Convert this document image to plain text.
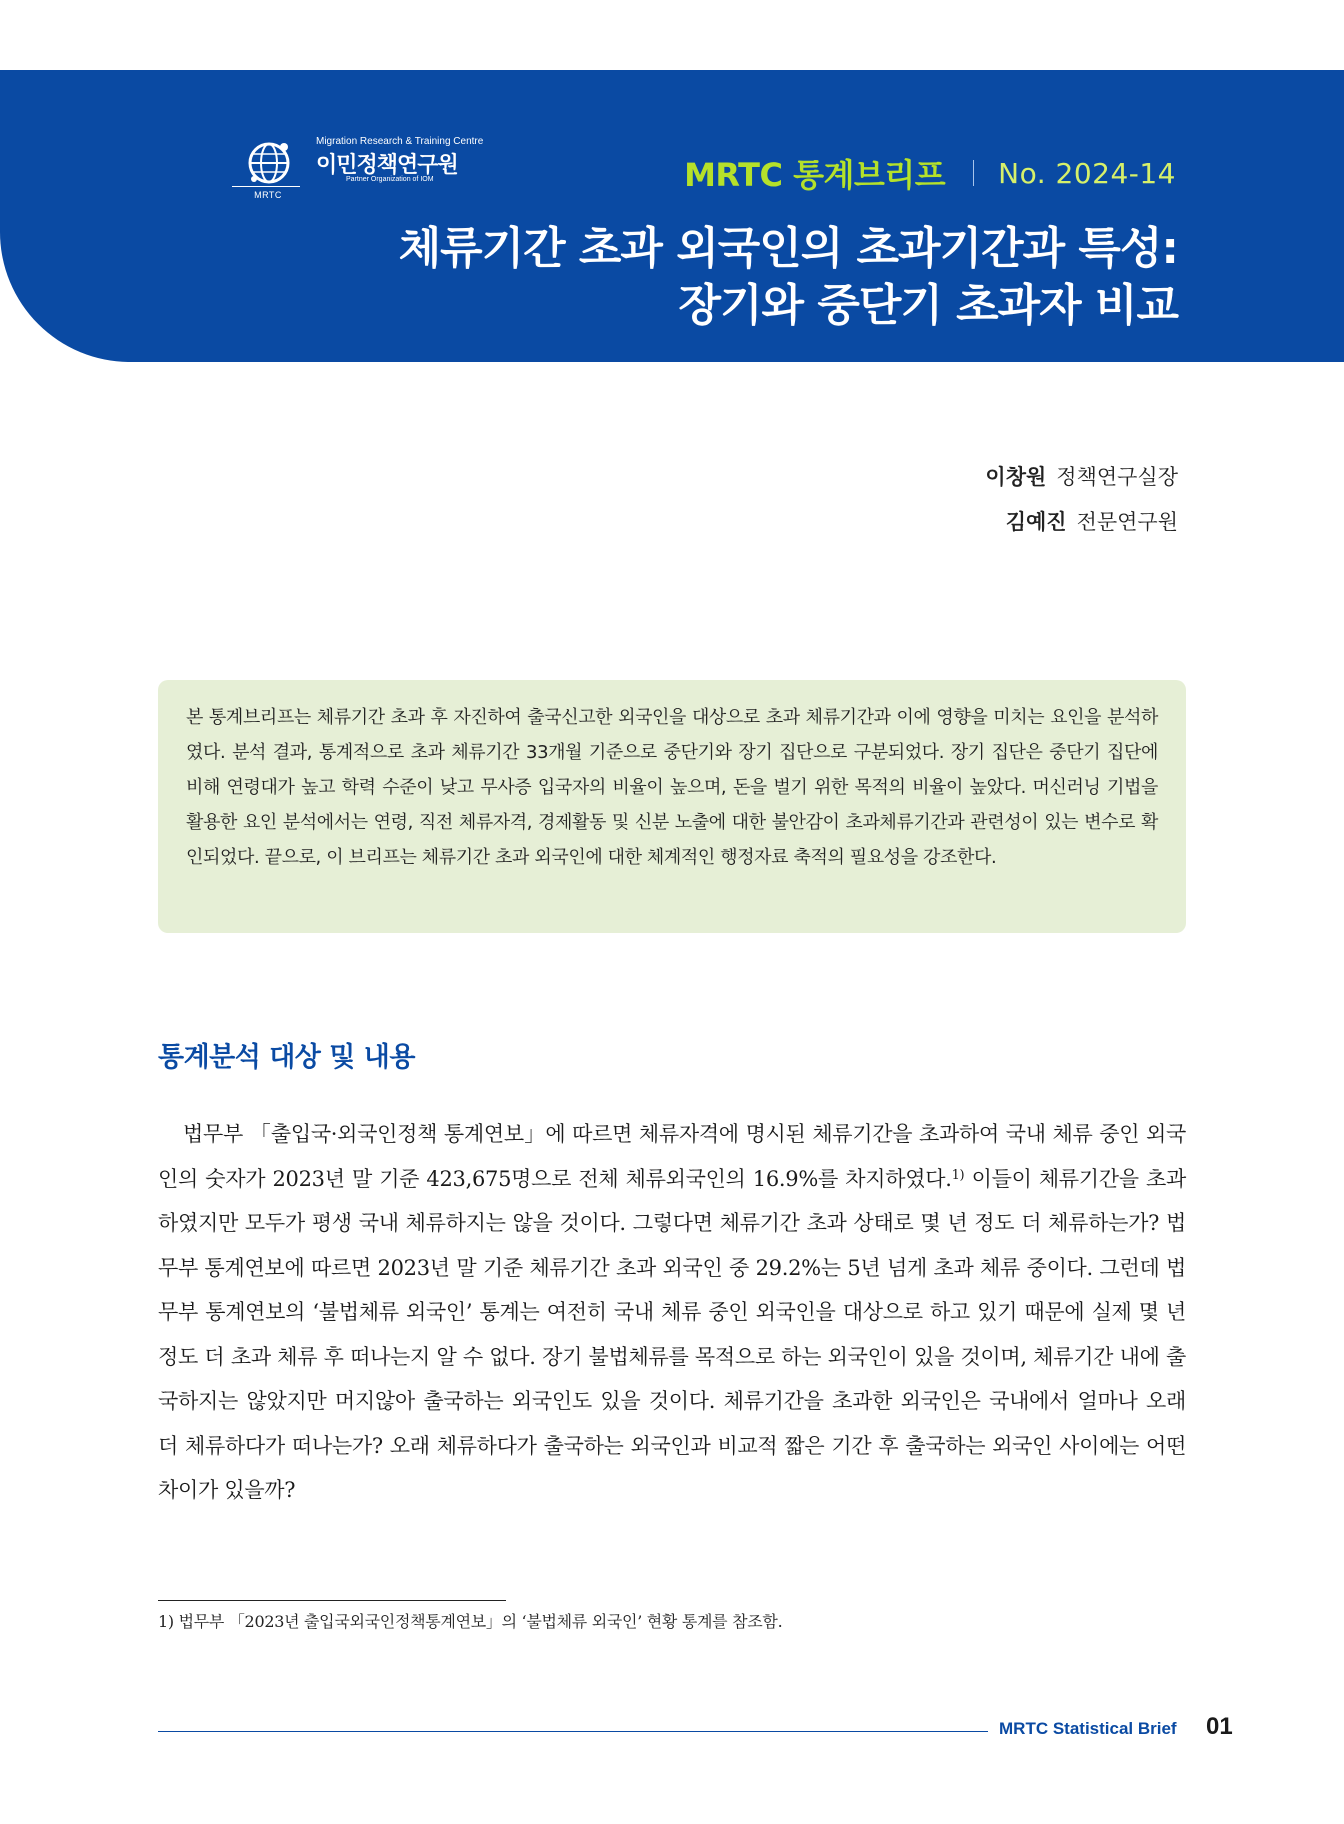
MRTC
Migration Research & Training Centre
이민정책연구원
Partner Organization of IOM	MRTC 통계브리프 No. 2024-14
체류기간 초과 외국인의 초과기간과 특성:
장기와 중단기 초과자 비교
이창원 정책연구실장
김예진 전문연구원
본 통계브리프는 체류기간 초과 후 자진하여 출국신고한 외국인을 대상으로 초과 체류기간과 이에 영향을 미치는 요인을 분석하였다. 분석 결과, 통계적으로 초과 체류기간 33개월 기준으로 중단기와 장기 집단으로 구분되었다. 장기 집단은 중단기 집단에 비해 연령대가 높고 학력 수준이 낮고 무사증 입국자의 비율이 높으며, 돈을 벌기 위한 목적의 비율이 높았다. 머신러닝 기법을 활용한 요인 분석에서는 연령, 직전 체류자격, 경제활동 및 신분 노출에 대한 불안감이 초과체류기간과 관련성이 있는 변수로 확인되었다. 끝으로, 이 브리프는 체류기간 초과 외국인에 대한 체계적인 행정자료 축적의 필요성을 강조한다.
통계분석 대상 및 내용
법무부 「출입국·외국인정책 통계연보」에 따르면 체류자격에 명시된 체류기간을 초과하여 국내 체류 중인 외국인의 숫자가 2023년 말 기준 423,675명으로 전체 체류외국인의 16.9%를 차지하였다.$^{1)}$ 이들이 체류기간을 초과하였지만 모두가 평생 국내 체류하지는 않을 것이다. 그렇다면 체류기간 초과 상태로 몇 년 정도 더 체류하는가? 법무부 통계연보에 따르면 2023년 말 기준 체류기간 초과 외국인 중 29.2%는 5년 넘게 초과 체류 중이다. 그런데 법무부 통계연보의 ‘불법체류 외국인’ 통계는 여전히 국내 체류 중인 외국인을 대상으로 하고 있기 때문에 실제 몇 년 정도 더 초과 체류 후 떠나는지 알 수 없다. 장기 불법체류를 목적으로 하는 외국인이 있을 것이며, 체류기간 내에 출국하지는 않았지만 머지않아 출국하는 외국인도 있을 것이다. 체류기간을 초과한 외국인은 국내에서 얼마나 오래 더 체류하다가 떠나는가? 오래 체류하다가 출국하는 외국인과 비교적 짧은 기간 후 출국하는 외국인 사이에는 어떤 차이가 있을까?
1) 법무부 「2023년 출입국외국인정책통계연보」의 ‘불법체류 외국인’ 현황 통계를 참조함.
MRTC Statistical Brief 01
